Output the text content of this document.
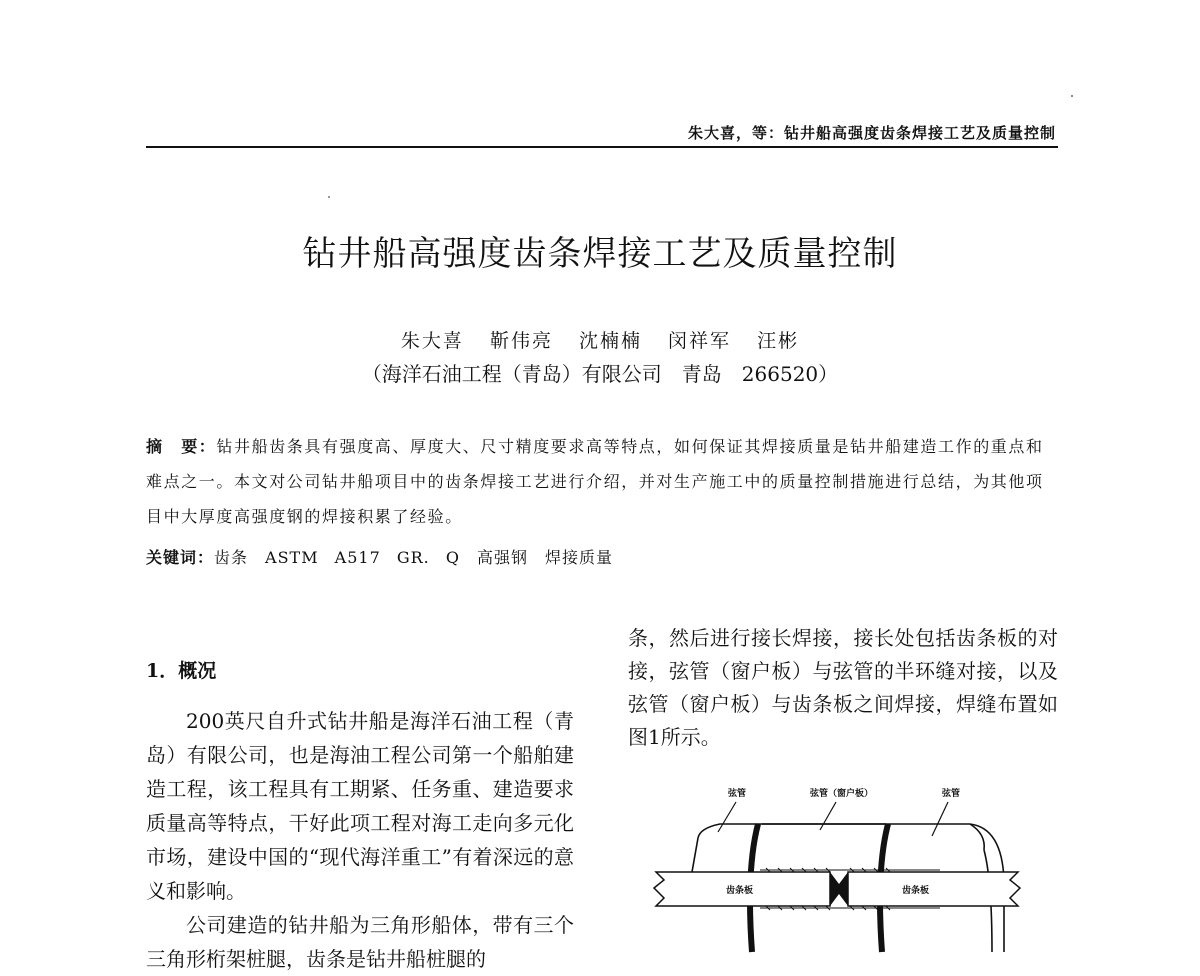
朱大喜，等：钻井船高强度齿条焊接工艺及质量控制
钻井船高强度齿条焊接工艺及质量控制
朱大喜 靳伟亮 沈楠楠 闵祥军 汪彬
（海洋石油工程（青岛）有限公司　青岛　266520）
摘　要：钻井船齿条具有强度高、厚度大、尺寸精度要求高等特点，如何保证其焊接质量是钻井船建造工作的重点和难点之一。本文对公司钻井船项目中的齿条焊接工艺进行介绍，并对生产施工中的质量控制措施进行总结，为其他项目中大厚度高强度钢的焊接积累了经验。
关键词：齿条　ASTM A517 GR. Q　高强钢　焊接质量
1．概况

200英尺自升式钻井船是海洋石油工程（青岛）有限公司，也是海油工程公司第一个船舶建造工程，该工程具有工期紧、任务重、建造要求质量高等特点，干好此项工程对海工走向多元化市场，建设中国的“现代海洋重工”有着深远的意义和影响。

公司建造的钻井船为三角形船体，带有三个三角形桁架桩腿，齿条是钻井船桩腿的

条，然后进行接长焊接，接长处包括齿条板的对接，弦管（窗户板）与弦管的半环缝对接，以及弦管（窗户板）与齿条板之间焊接，焊缝布置如图1所示。

弦管	弦管（窗户板）	弦管
齿条板	齿条板
